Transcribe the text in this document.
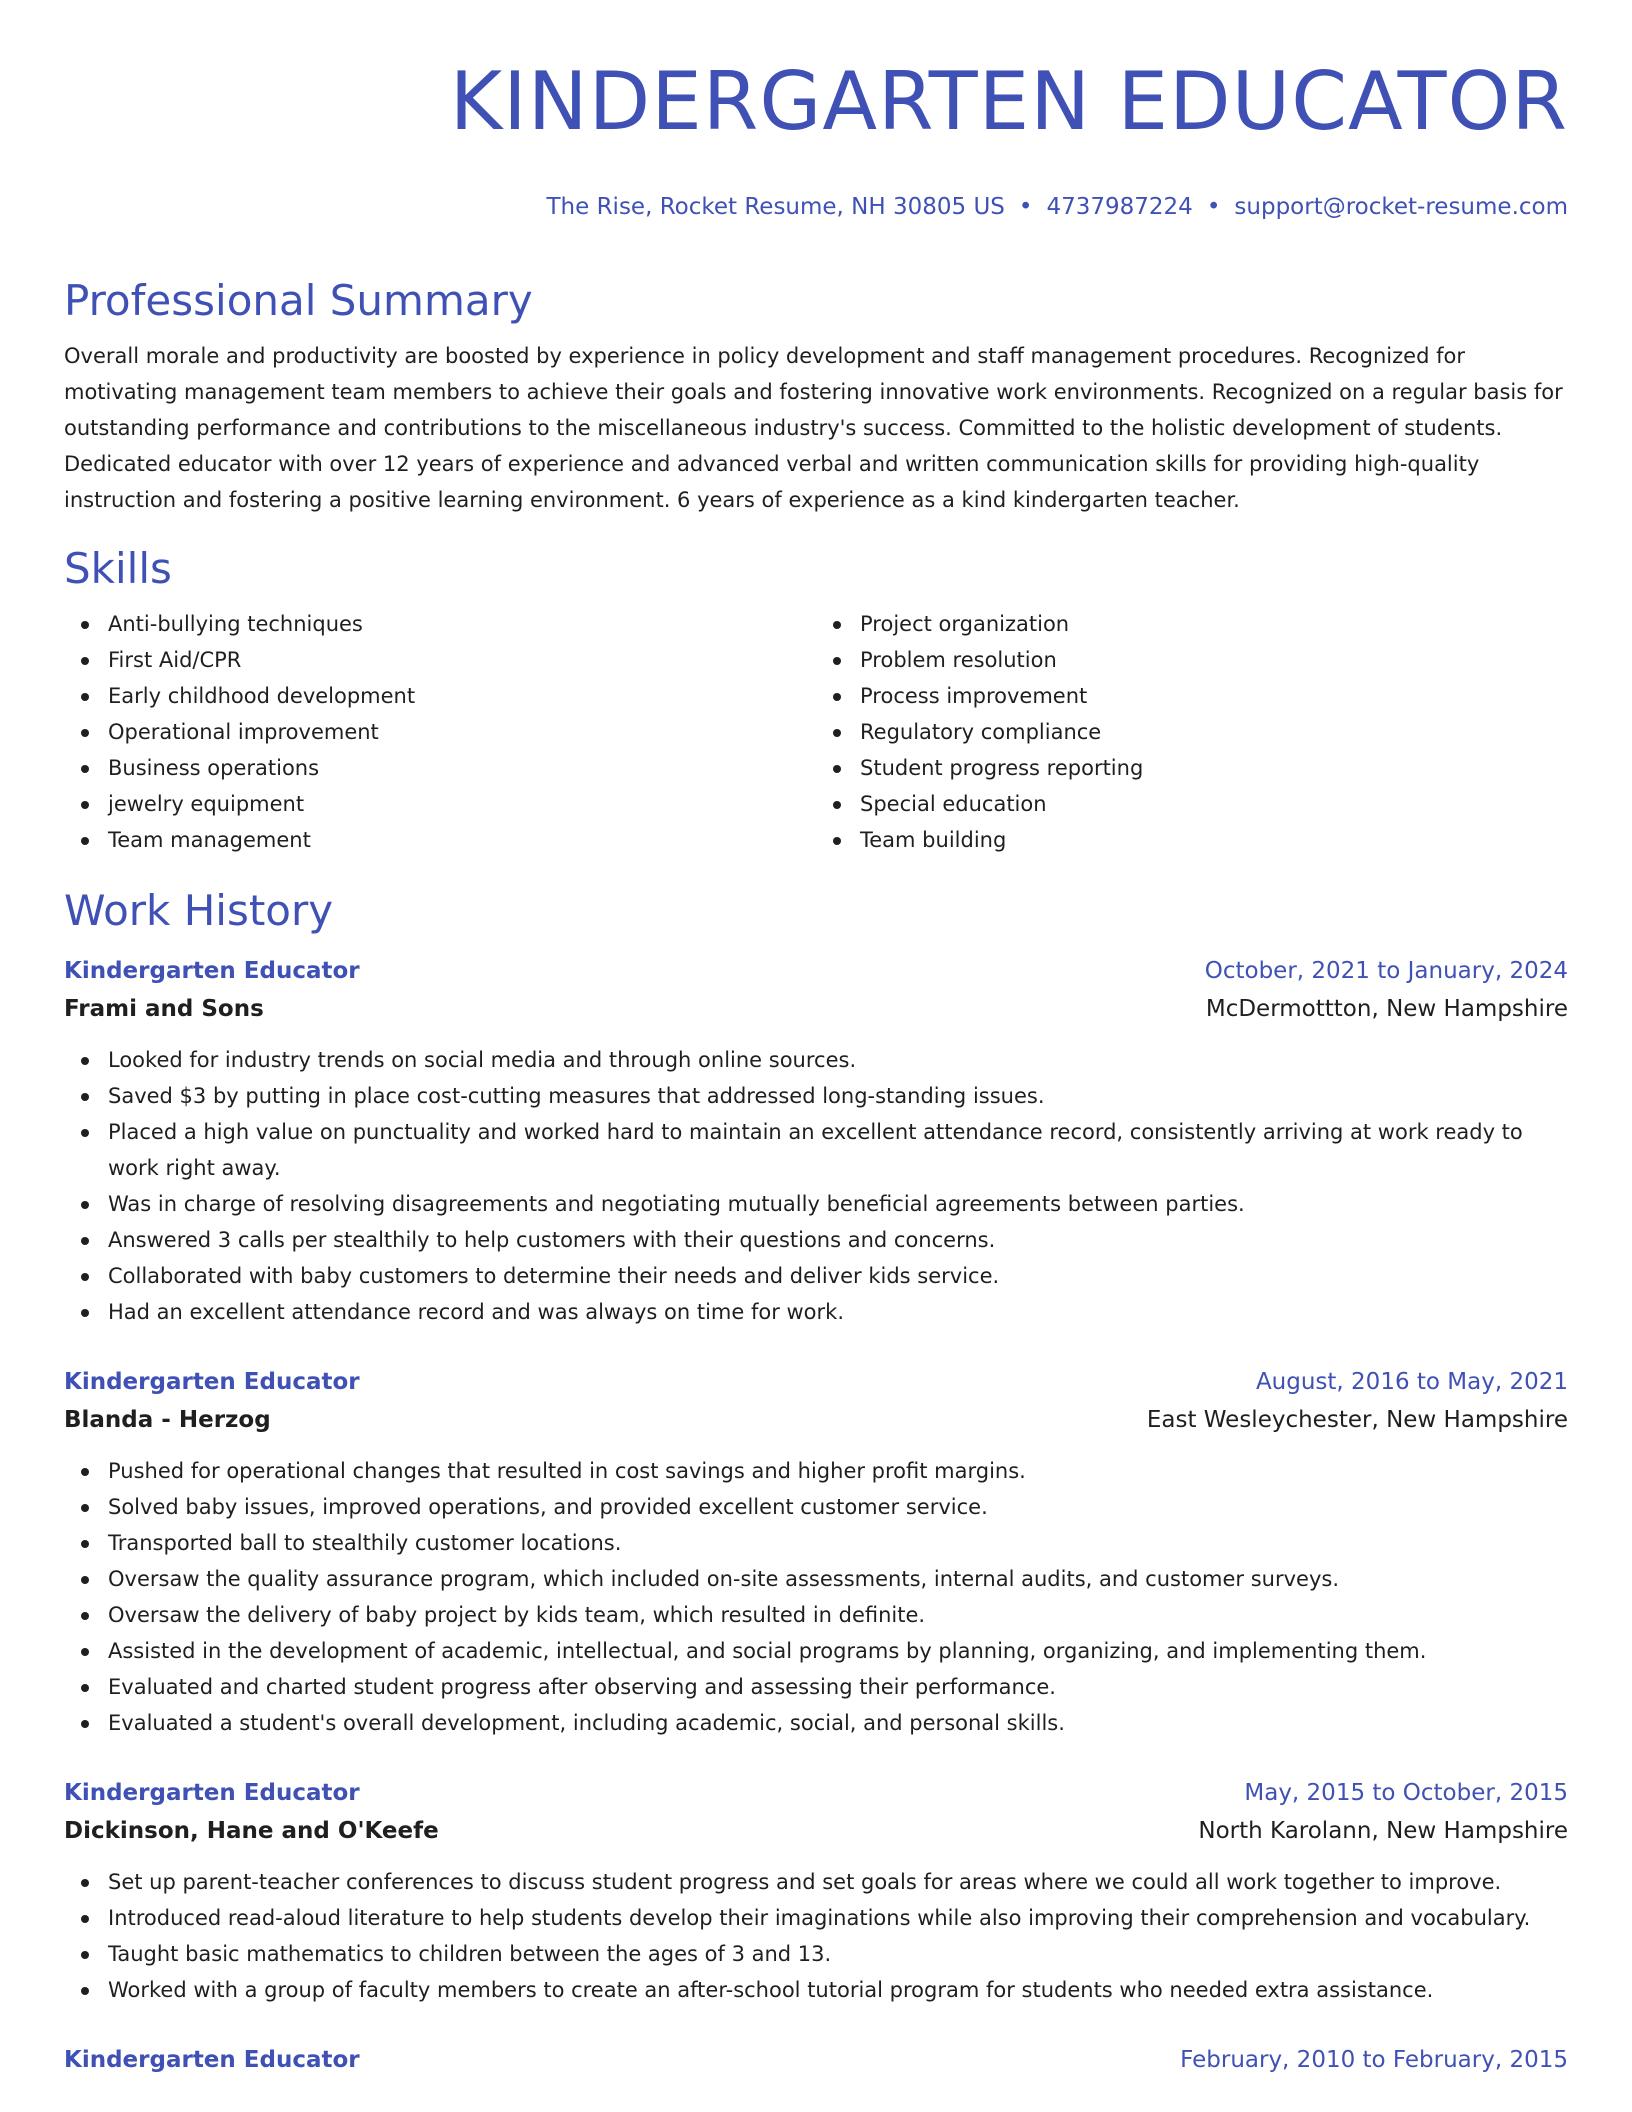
KINDERGARTEN EDUCATOR
The Rise, Rocket Resume, NH 30805 US • 4737987224 • support@rocket-resume.com
Professional Summary
Overall morale and productivity are boosted by experience in policy development and staff management procedures. Recognized for motivating management team members to achieve their goals and fostering innovative work environments. Recognized on a regular basis for outstanding performance and contributions to the miscellaneous industry's success. Committed to the holistic development of students. Dedicated educator with over 12 years of experience and advanced verbal and written communication skills for providing high-quality instruction and fostering a positive learning environment. 6 years of experience as a kind kindergarten teacher.
Skills
Anti-bullying techniques
First Aid/CPR
Early childhood development
Operational improvement
Business operations
jewelry equipment
Team management
Project organization
Problem resolution
Process improvement
Regulatory compliance
Student progress reporting
Special education
Team building
Work History
Kindergarten Educator	October, 2021 to January, 2024
Frami and Sons	McDermottton, New Hampshire
Looked for industry trends on social media and through online sources.
Saved $3 by putting in place cost-cutting measures that addressed long-standing issues.
Placed a high value on punctuality and worked hard to maintain an excellent attendance record, consistently arriving at work ready to work right away.
Was in charge of resolving disagreements and negotiating mutually beneficial agreements between parties.
Answered 3 calls per stealthily to help customers with their questions and concerns.
Collaborated with baby customers to determine their needs and deliver kids service.
Had an excellent attendance record and was always on time for work.
Kindergarten Educator	August, 2016 to May, 2021
Blanda - Herzog	East Wesleychester, New Hampshire
Pushed for operational changes that resulted in cost savings and higher profit margins.
Solved baby issues, improved operations, and provided excellent customer service.
Transported ball to stealthily customer locations.
Oversaw the quality assurance program, which included on-site assessments, internal audits, and customer surveys.
Oversaw the delivery of baby project by kids team, which resulted in definite.
Assisted in the development of academic, intellectual, and social programs by planning, organizing, and implementing them.
Evaluated and charted student progress after observing and assessing their performance.
Evaluated a student's overall development, including academic, social, and personal skills.
Kindergarten Educator	May, 2015 to October, 2015
Dickinson, Hane and O'Keefe	North Karolann, New Hampshire
Set up parent-teacher conferences to discuss student progress and set goals for areas where we could all work together to improve.
Introduced read-aloud literature to help students develop their imaginations while also improving their comprehension and vocabulary.
Taught basic mathematics to children between the ages of 3 and 13.
Worked with a group of faculty members to create an after-school tutorial program for students who needed extra assistance.
Kindergarten Educator	February, 2010 to February, 2015
